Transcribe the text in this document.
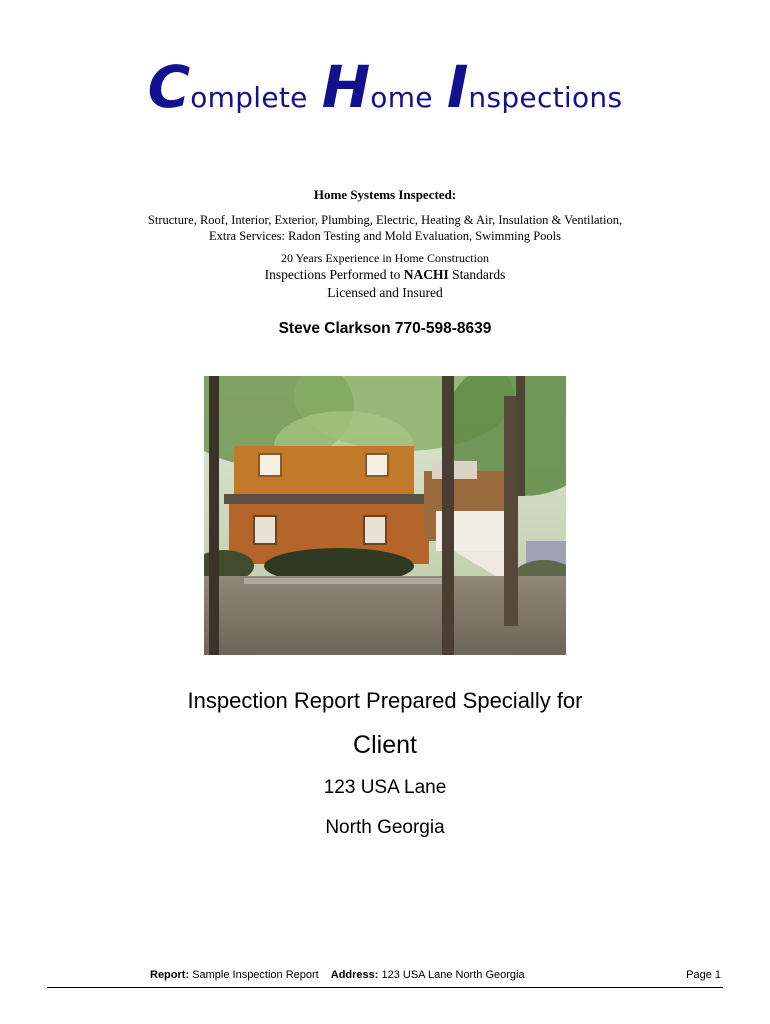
Complete Home Inspections
Home Systems Inspected:
Structure, Roof, Interior, Exterior, Plumbing, Electric, Heating & Air, Insulation & Ventilation,
Extra Services: Radon Testing and Mold Evaluation, Swimming Pools
20 Years Experience in Home Construction
Inspections Performed to NACHI Standards
Licensed and Insured
Steve Clarkson 770-598-8639
Inspection Report Prepared Specially for
Client
123 USA Lane
North Georgia
Report: Sample Inspection Report Address: 123 USA Lane North Georgia	Page 1
